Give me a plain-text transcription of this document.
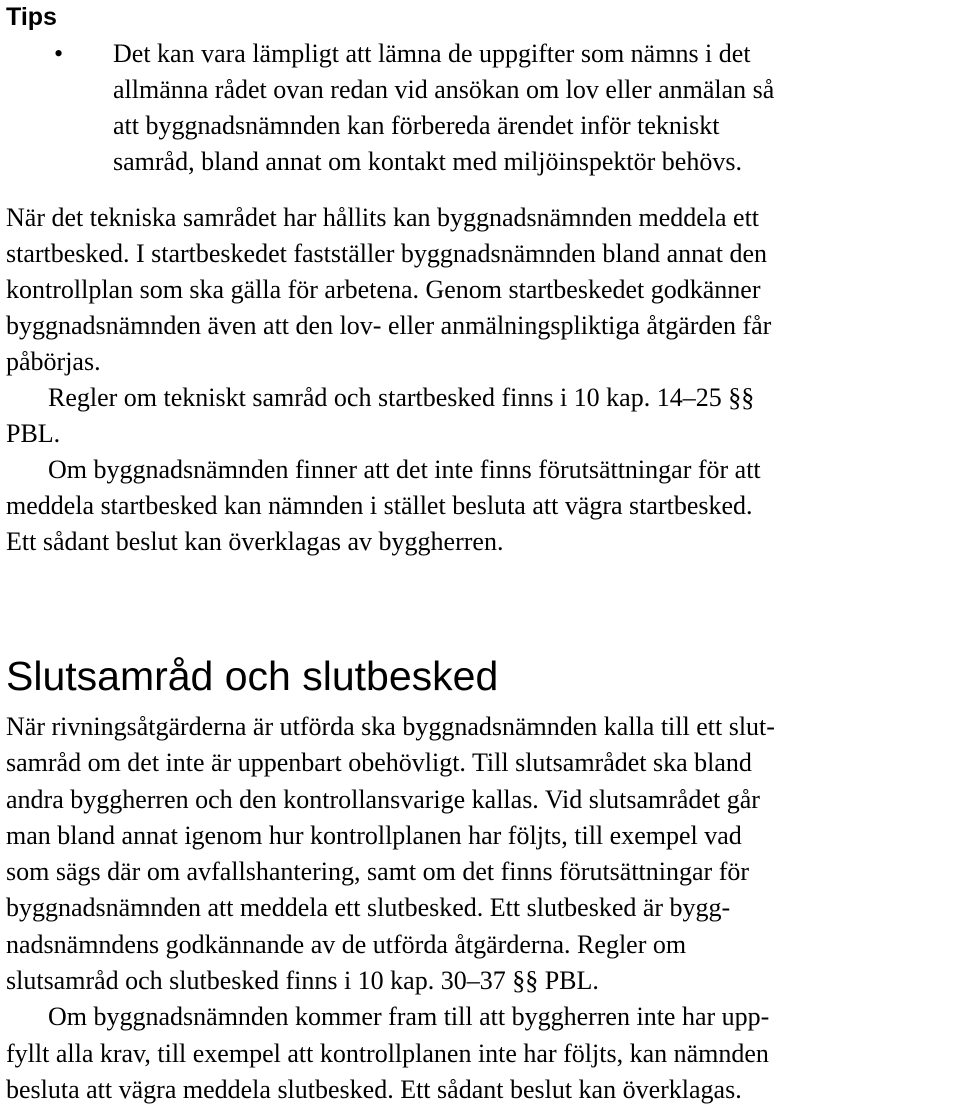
Tips
• Det kan vara lämpligt att lämna de uppgifter som nämns i det
allmänna rådet ovan redan vid ansökan om lov eller anmälan så
att byggnadsnämnden kan förbereda ärendet inför tekniskt
samråd, bland annat om kontakt med miljöinspektör behövs.
När det tekniska samrådet har hållits kan byggnadsnämnden meddela ett
startbesked. I startbeskedet fastställer byggnadsnämnden bland annat den
kontrollplan som ska gälla för arbetena. Genom startbeskedet godkänner
byggnadsnämnden även att den lov- eller anmälningspliktiga åtgärden får
påbörjas.
Regler om tekniskt samråd och startbesked finns i 10 kap. 14–25 §§
PBL.
Om byggnadsnämnden finner att det inte finns förutsättningar för att
meddela startbesked kan nämnden i stället besluta att vägra startbesked.
Ett sådant beslut kan överklagas av byggherren.
Slutsamråd och slutbesked
När rivningsåtgärderna är utförda ska byggnadsnämnden kalla till ett slut-
samråd om det inte är uppenbart obehövligt. Till slutsamrådet ska bland
andra byggherren och den kontrollansvarige kallas. Vid slutsamrådet går
man bland annat igenom hur kontrollplanen har följts, till exempel vad
som sägs där om avfallshantering, samt om det finns förutsättningar för
byggnadsnämnden att meddela ett slutbesked. Ett slutbesked är bygg-
nadsnämndens godkännande av de utförda åtgärderna. Regler om
slutsamråd och slutbesked finns i 10 kap. 30–37 §§ PBL.
Om byggnadsnämnden kommer fram till att byggherren inte har upp-
fyllt alla krav, till exempel att kontrollplanen inte har följts, kan nämnden
besluta att vägra meddela slutbesked. Ett sådant beslut kan överklagas.
